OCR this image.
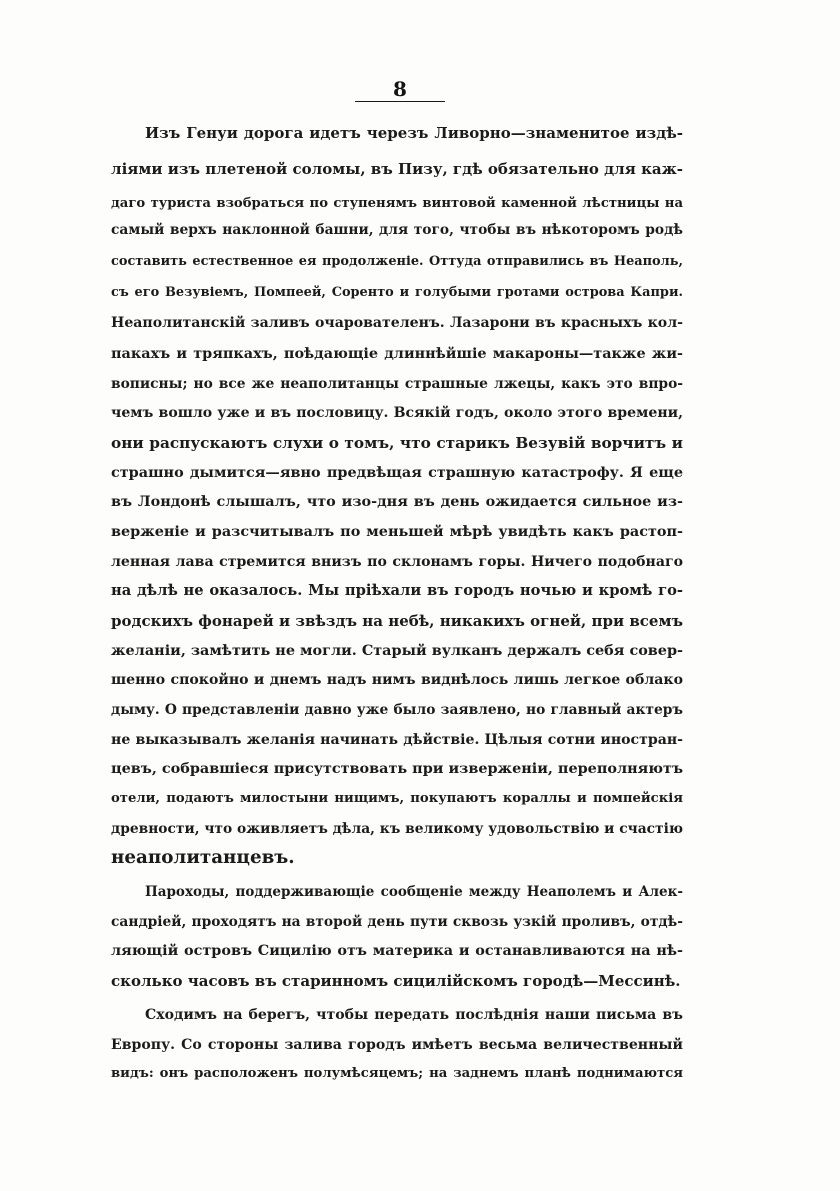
8
Изъ Генуи дорога идетъ черезъ Ливорно—знаменитое издѣ-
ліями изъ плетеной соломы, въ Пизу, гдѣ обязательно для каж-
даго туриста взобраться по ступенямъ винтовой каменной лѣстницы на
самый верхъ наклонной башни, для того, чтобы въ нѣкоторомъ родѣ
составить естественное ея продолженіе. Оттуда отправились въ Неаполь,
съ его Везувіемъ, Помпеей, Соренто и голубыми гротами острова Капри.
Неаполитанскій заливъ очарователенъ. Лазарони въ красныхъ кол-
пакахъ и тряпкахъ, поѣдающіе длиннѣйшіе макароны—также жи-
вописны; но все же неаполитанцы страшные лжецы, какъ это впро-
чемъ вошло уже и въ пословицу. Всякій годъ, около этого времени,
они распускаютъ слухи о томъ, что старикъ Везувій ворчитъ и
страшно дымится—явно предвѣщая страшную катастрофу. Я еще
въ Лондонѣ слышалъ, что изо-дня въ день ожидается сильное из-
верженіе и разсчитывалъ по меньшей мѣрѣ увидѣть какъ растоп-
ленная лава стремится внизъ по склонамъ горы. Ничего подобнаго
на дѣлѣ не оказалось. Мы пріѣхали въ городъ ночью и кромѣ го-
родскихъ фонарей и звѣздъ на небѣ, никакихъ огней, при всемъ
желаніи, замѣтить не могли. Старый вулканъ держалъ себя совер-
шенно спокойно и днемъ надъ нимъ виднѣлось лишь легкое облако
дыму. О представленіи давно уже было заявлено, но главный актеръ
не выказывалъ желанія начинать дѣйствіе. Цѣлыя сотни иностран-
цевъ, собравшіеся присутствовать при изверженіи, переполняютъ
отели, подаютъ милостыни нищимъ, покупаютъ кораллы и помпейскія
древности, что оживляетъ дѣла, къ великому удовольствію и счастію
неаполитанцевъ.
Пароходы, поддерживающіе сообщеніе между Неаполемъ и Алек-
сандріей, проходятъ на второй день пути сквозь узкій проливъ, отдѣ-
ляющій островъ Сицилію отъ материка и останавливаются на нѣ-
сколько часовъ въ старинномъ сицилійскомъ городѣ—Мессинѣ.
Сходимъ на берегъ, чтобы передать послѣднія наши письма въ
Европу. Со стороны залива городъ имѣетъ весьма величественный
видъ: онъ расположенъ полумѣсяцемъ; на заднемъ планѣ поднимаются
